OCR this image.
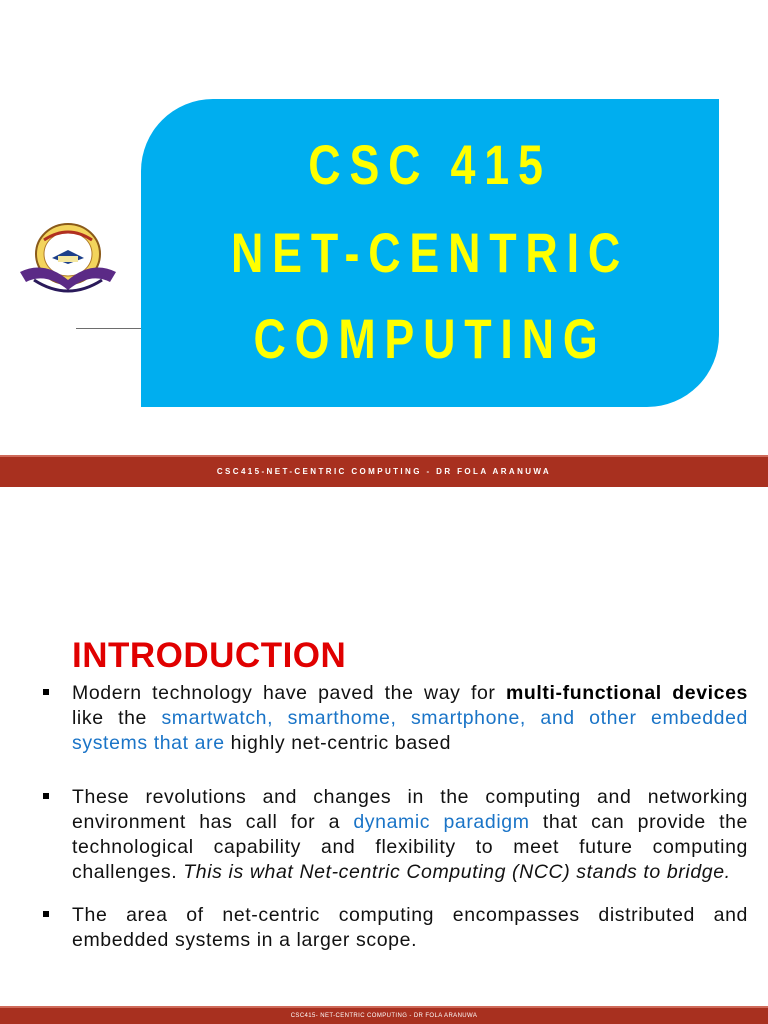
CSC 415
NET-CENTRIC
COMPUTING
CSC415-NET-CENTRIC COMPUTING - DR FOLA ARANUWA
INTRODUCTION
Modern technology have paved the way for multi-functional devices like the smartwatch, smarthome, smartphone, and other embedded systems that are highly net-centric based
These revolutions and changes in the computing and networking environment has call for a dynamic paradigm that can provide the technological capability and flexibility to meet future computing challenges. This is what Net-centric Computing (NCC) stands to bridge.
The area of net-centric computing encompasses distributed and embedded systems in a larger scope.
CSC415- NET-CENTRIC COMPUTING - DR FOLA ARANUWA
